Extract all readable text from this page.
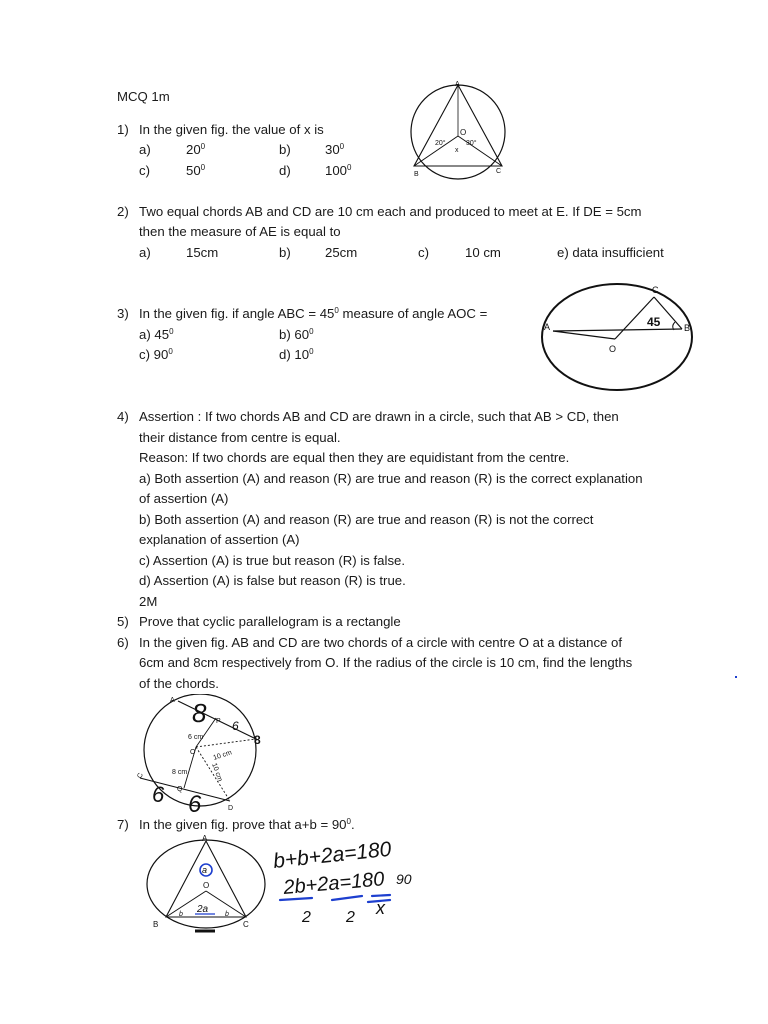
MCQ 1m
1) In the given fig. the value of x is
a)	$20^0$	b)	$30^0$
c)	$50^0$	d)	$100^0$
A
O
B	C
20°	30°
x
2) Two equal chords AB and CD are 10 cm each and produced to meet at E. If DE = 5cm
then the measure of AE is equal to
a)	15cm	b)	25cm	c)	10 cm	e) data insufficient
3) In the given fig. if angle ABC = $45^0$ measure of angle AOC =
a) $45^0$	b) $60^0$
c) $90^0$	d) $10^0$
A	B
C
O
45
4) Assertion : If two chords AB and CD are drawn in a circle, such that AB > CD, then
their distance from centre is equal.
Reason: If two chords are equal then they are equidistant from the centre.
a) Both assertion (A) and reason (R) are true and reason (R) is the correct explanation
of assertion (A)
b) Both assertion (A) and reason (R) are true and reason (R) is not the correct
explanation of assertion (A)
c) Assertion (A) is true but reason (R) is false.
d) Assertion (A) is false but reason (R) is true.
2M
5) Prove that cyclic parallelogram is a rectangle
6) In the given fig. AB and CD are two chords of a circle with centre O at a distance of
6cm and 8cm respectively from O. If the radius of the circle is 10 cm, find the lengths
of the chords.
A
P
O
Q
C
D
6 cm
8 cm
10 cm
10 cm
8 6
8
6 6
7) In the given fig. prove that $a+b = 90^0$.
A
O
B	C
b	b
a
2a
b+b+2a=180
2b+2a=180 90
2 2 x
